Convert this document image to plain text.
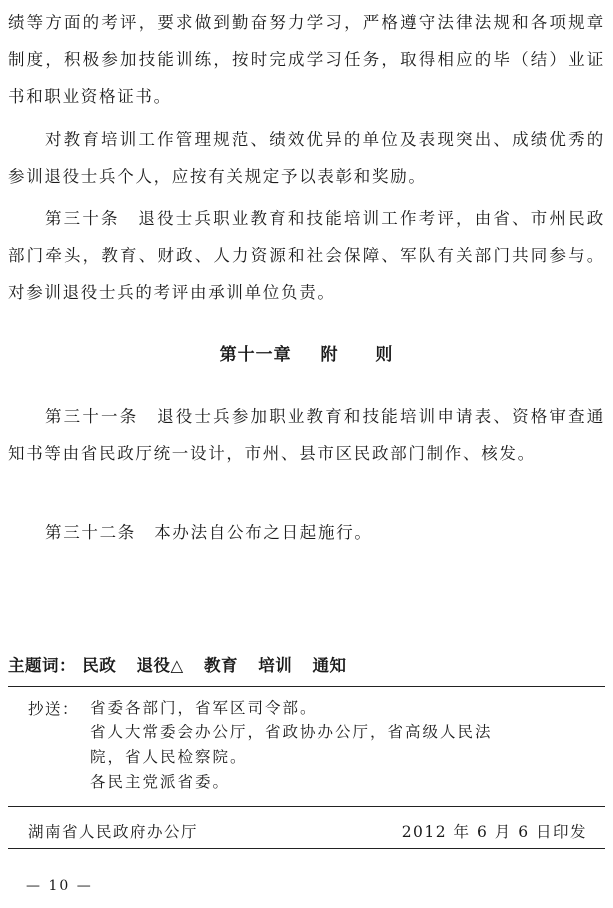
绩等方面的考评，要求做到勤奋努力学习，严格遵守法律法规和各项规章制度，积极参加技能训练，按时完成学习任务，取得相应的毕（结）业证书和职业资格证书。

对教育培训工作管理规范、绩效优异的单位及表现突出、成绩优秀的参训退役士兵个人，应按有关规定予以表彰和奖励。

第三十条　退役士兵职业教育和技能培训工作考评，由省、市州民政部门牵头，教育、财政、人力资源和社会保障、军队有关部门共同参与。对参训退役士兵的考评由承训单位负责。

第十一章 附 则

第三十一条　退役士兵参加职业教育和技能培训申请表、资格审查通知书等由省民政厅统一设计，市州、县市区民政部门制作、核发。

第三十二条　本办法自公布之日起施行。

主题词： 民政 退役△ 教育 培训 通知
抄送： 省委各部门，省军区司令部。
省人大常委会办公厅，省政协办公厅，省高级人民法
院，省人民检察院。
各民主党派省委。
湖南省人民政府办公厅	2012 年 6 月 6 日印发
— 10 —
